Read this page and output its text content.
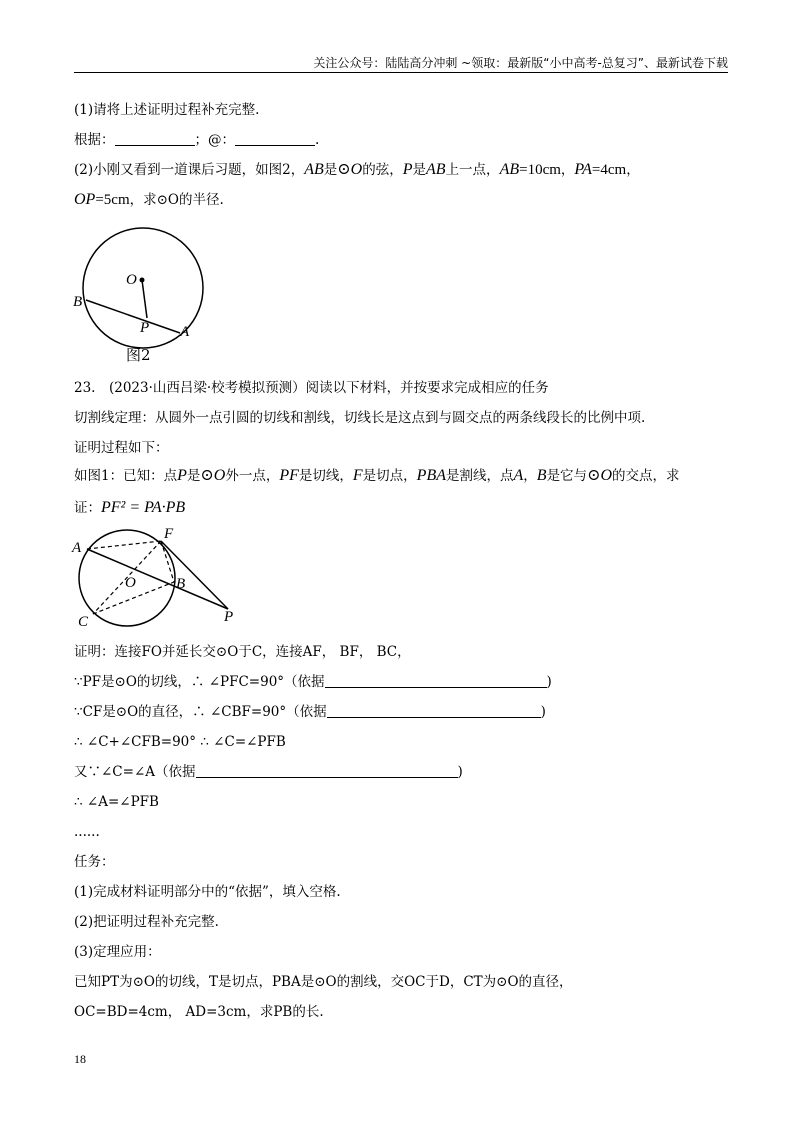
关注公众号：陆陆高分冲刺 ~领取：最新版“小中高考-总复习”、最新试卷下载
(1)请将上述证明过程补充完整.
根据：	；@：	.
(2)小刚又看到一道课后习题，如图2，AB是⊙O的弦，P是AB上一点，AB=10cm，PA=4cm，
OP=5cm，求⊙O的半径.
O
B
P A
图2
23.　(2023·山西吕梁·校考模拟预测）阅读以下材料，并按要求完成相应的任务
切割线定理：从圆外一点引圆的切线和割线，切线长是这点到与圆交点的两条线段长的比例中项.
证明过程如下：
如图1：已知：点P是⊙O外一点，PF是切线，F是切点，PBA是割线，点A，B是它与⊙O的交点，求
证：PF² = PA·PB
A
F
O	B
C	P
证明：连接FO并延长交⊙O于C，连接AF， BF， BC，
∵PF是⊙O的切线，∴ ∠PFC=90°（依据	)
∵CF是⊙O的直径，∴ ∠CBF=90°（依据	)
∴ ∠C+∠CFB=90° ∴ ∠C=∠PFB
又∵∠C=∠A（依据	)
∴ ∠A=∠PFB
......
任务：
(1)完成材料证明部分中的“依据”，填入空格.
(2)把证明过程补充完整.
(3)定理应用：
已知PT为⊙O的切线，T是切点，PBA是⊙O的割线，交OC于D，CT为⊙O的直径，
OC=BD=4cm， AD=3cm，求PB的长.
18
